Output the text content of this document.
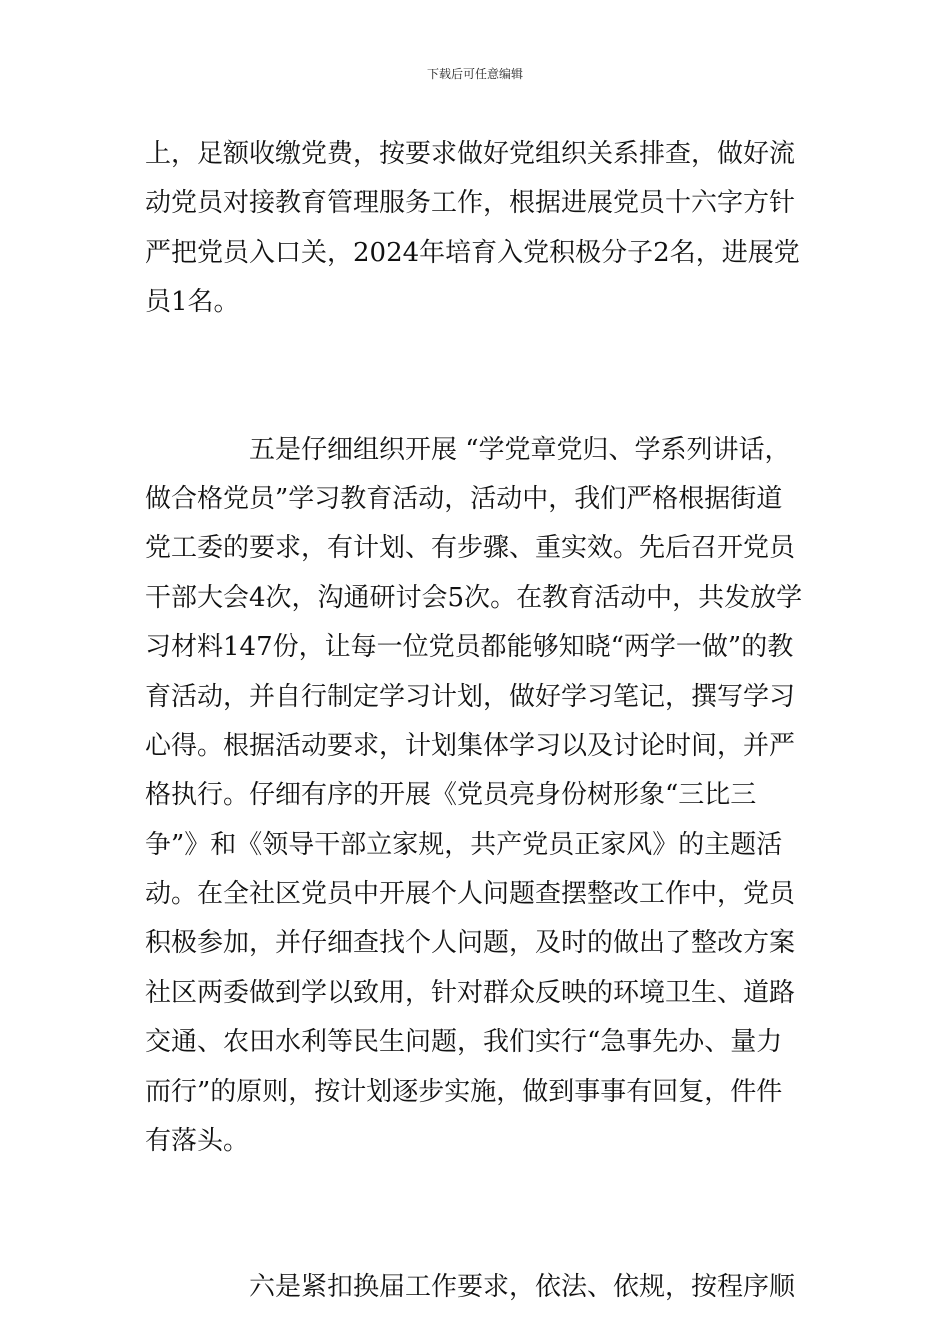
下载后可任意编辑
上，足额收缴党费，按要求做好党组织关系排查，做好流
动党员对接教育管理服务工作，根据进展党员十六字方针
严把党员入口关，2024年培育入党积极分子2名，进展党
员1名。
五是仔细组织开展 “学党章党归、学系列讲话，
做合格党员”学习教育活动，活动中，我们严格根据街道
党工委的要求，有计划、有步骤、重实效。先后召开党员
干部大会4次，沟通研讨会5次。在教育活动中，共发放学
习材料147份，让每一位党员都能够知晓“两学一做”的教
育活动，并自行制定学习计划，做好学习笔记，撰写学习
心得。根据活动要求，计划集体学习以及讨论时间，并严
格执行。仔细有序的开展《党员亮身份树形象“三比三
争”》和《领导干部立家规，共产党员正家风》的主题活
动。在全社区党员中开展个人问题查摆整改工作中，党员
积极参加，并仔细查找个人问题，及时的做出了整改方案
社区两委做到学以致用，针对群众反映的环境卫生、道路
交通、农田水利等民生问题，我们实行“急事先办、量力
而行”的原则，按计划逐步实施，做到事事有回复，件件
有落头。
六是紧扣换届工作要求，依法、依规，按程序顺
